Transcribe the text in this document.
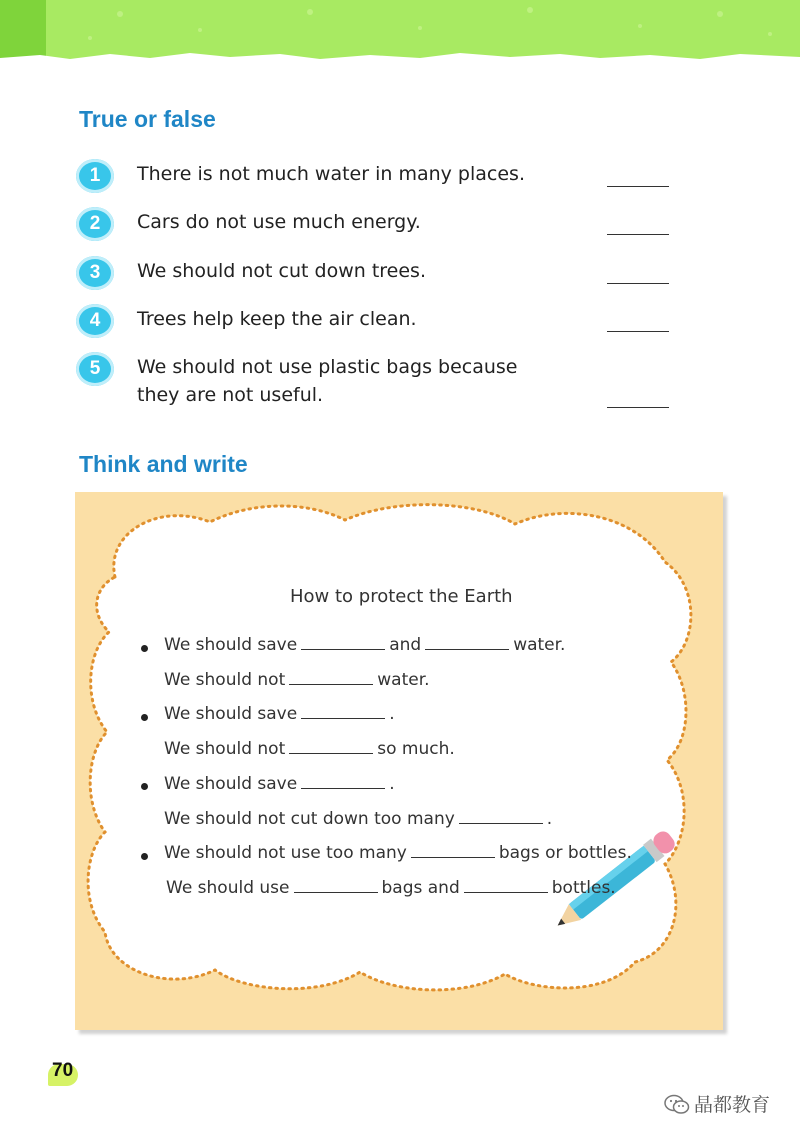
True or false
1	There is not much water in many places.
2	Cars do not use much energy.
3	We should not cut down trees.
4	Trees help keep the air clean.
5	We should not use plastic bags because
they are not useful.
Think and write
How to protect the Earth
We should save	and	water.
We should not	water.
We should save	.
We should not	so much.
We should save	.
We should not cut down too many	.
We should not use too many	bags or bottles.
We should use	bags and	bottles.
70
晶都教育
